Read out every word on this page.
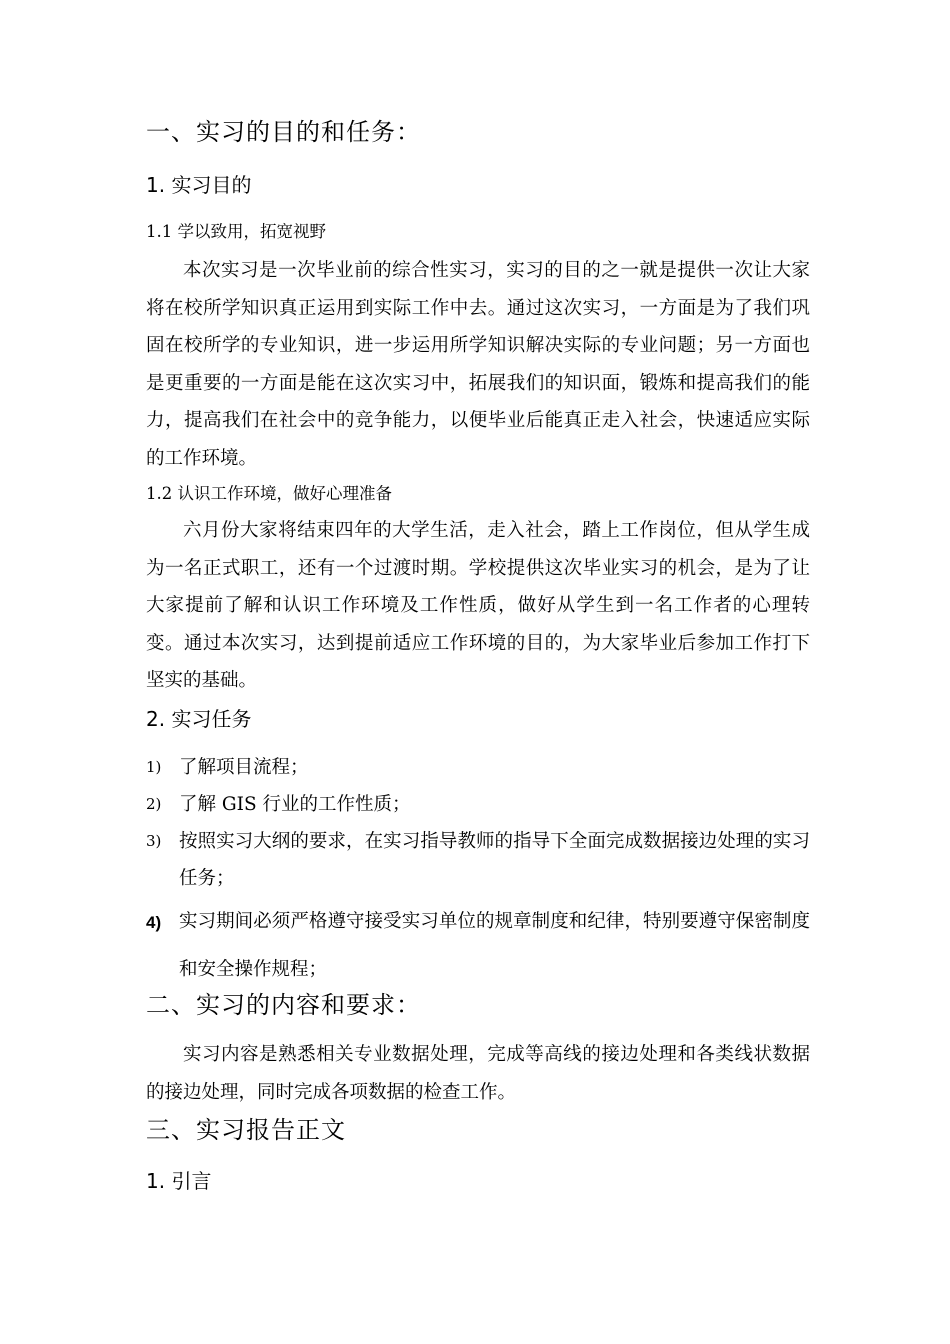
一、实习的目的和任务：
1. 实习目的
1.1 学以致用，拓宽视野

本次实习是一次毕业前的综合性实习，实习的目的之一就是提供一次让大家将在校所学知识真正运用到实际工作中去。通过这次实习，一方面是为了我们巩固在校所学的专业知识，进一步运用所学知识解决实际的专业问题；另一方面也是更重要的一方面是能在这次实习中，拓展我们的知识面，锻炼和提高我们的能力，提高我们在社会中的竞争能力，以便毕业后能真正走入社会，快速适应实际的工作环境。

1.2 认识工作环境，做好心理准备

六月份大家将结束四年的大学生活，走入社会，踏上工作岗位，但从学生成为一名正式职工，还有一个过渡时期。学校提供这次毕业实习的机会，是为了让大家提前了解和认识工作环境及工作性质，做好从学生到一名工作者的心理转变。通过本次实习，达到提前适应工作环境的目的，为大家毕业后参加工作打下坚实的基础。

2. 实习任务
1) 了解项目流程；
2) 了解 GIS 行业的工作性质；
3) 按照实习大纲的要求，在实习指导教师的指导下全面完成数据接边处理的实习任务；
4) 实习期间必须严格遵守接受实习单位的规章制度和纪律，特别要遵守保密制度和安全操作规程；
二、实习的内容和要求：

实习内容是熟悉相关专业数据处理，完成等高线的接边处理和各类线状数据的接边处理，同时完成各项数据的检查工作。

三、实习报告正文
1. 引言
